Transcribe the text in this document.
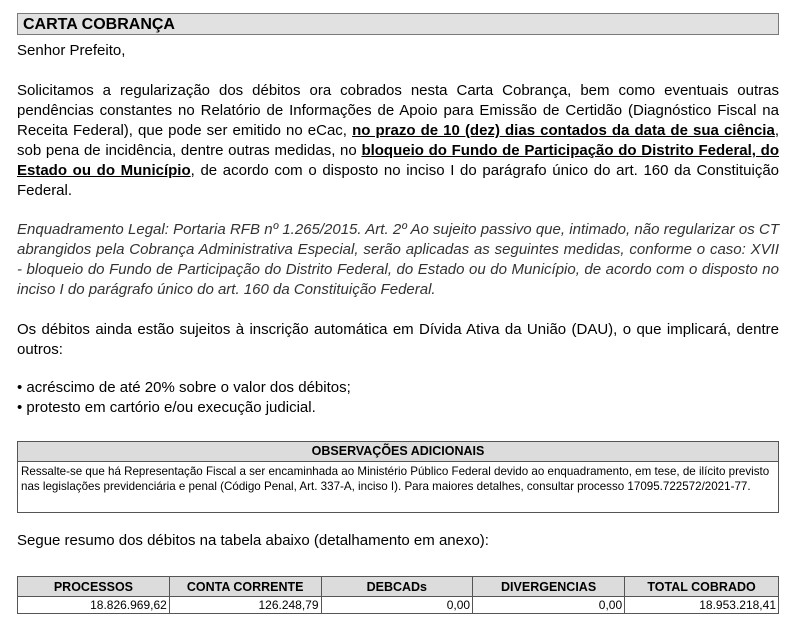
CARTA COBRANÇA
Senhor Prefeito,
Solicitamos a regularização dos débitos ora cobrados nesta Carta Cobrança, bem como eventuais outras pendências constantes no Relatório de Informações de Apoio para Emissão de Certidão (Diagnóstico Fiscal na Receita Federal), que pode ser emitido no eCac, no prazo de 10 (dez) dias contados da data de sua ciência, sob pena de incidência, dentre outras medidas, no bloqueio do Fundo de Participação do Distrito Federal, do Estado ou do Município, de acordo com o disposto no inciso I do parágrafo único do art. 160 da Constituição Federal.
Enquadramento Legal: Portaria RFB nº 1.265/2015. Art. 2º Ao sujeito passivo que, intimado, não regularizar os CT abrangidos pela Cobrança Administrativa Especial, serão aplicadas as seguintes medidas, conforme o caso: XVII - bloqueio do Fundo de Participação do Distrito Federal, do Estado ou do Município, de acordo com o disposto no inciso I do parágrafo único do art. 160 da Constituição Federal.
Os débitos ainda estão sujeitos à inscrição automática em Dívida Ativa da União (DAU), o que implicará, dentre outros:
• acréscimo de até 20% sobre o valor dos débitos;
• protesto em cartório e/ou execução judicial.
OBSERVAÇÕES ADICIONAIS
Ressalte-se que há Representação Fiscal a ser encaminhada ao Ministério Público Federal devido ao enquadramento, em tese, de ilícito previsto nas legislações previdenciária e penal (Código Penal, Art. 337-A, inciso I). Para maiores detalhes, consultar processo 17095.722572/2021-77.
Segue resumo dos débitos na tabela abaixo (detalhamento em anexo):
PROCESSOS	CONTA CORRENTE	DEBCADs	DIVERGENCIAS	TOTAL COBRADO
18.826.969,62	126.248,79	0,00	0,00	18.953.218,41
